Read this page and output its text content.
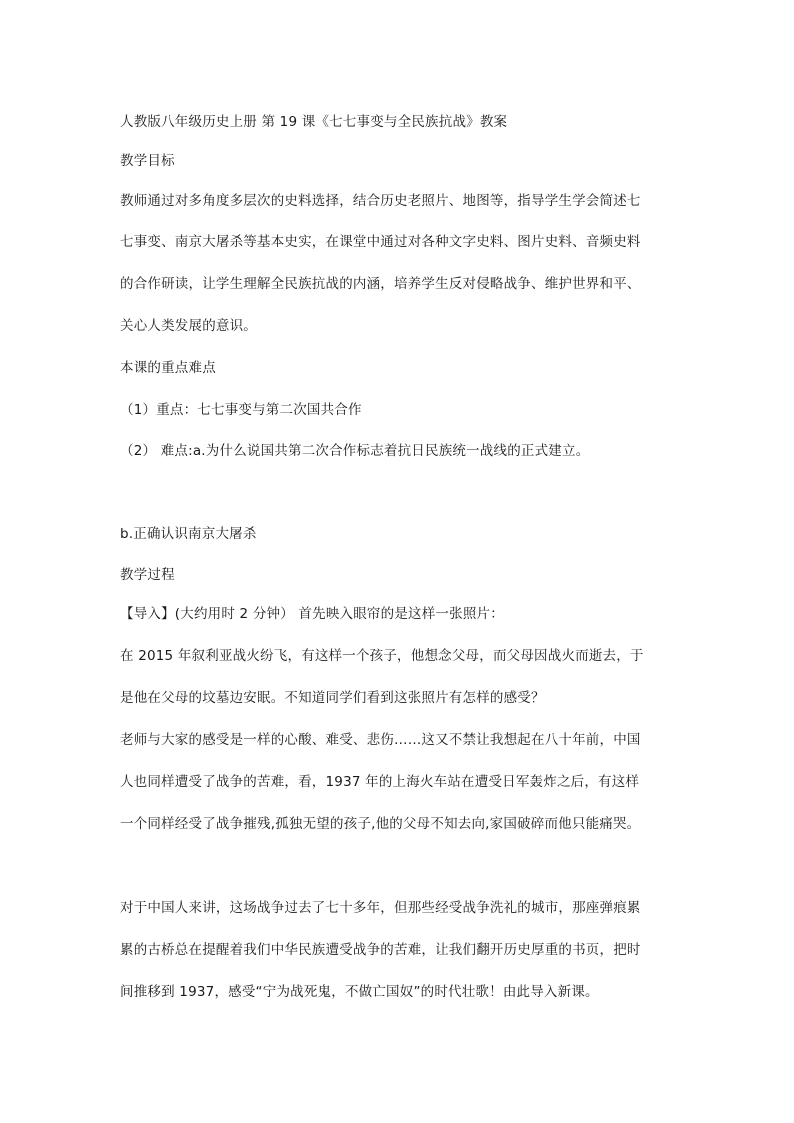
人教版八年级历史上册 第 19 课《七七事变与全民族抗战》教案
教学目标
教师通过对多角度多层次的史料选择，结合历史老照片、地图等，指导学生学会简述七
七事变、南京大屠杀等基本史实，在课堂中通过对各种文字史料、图片史料、音频史料
的合作研读，让学生理解全民族抗战的内涵，培养学生反对侵略战争、维护世界和平、
关心人类发展的意识。
本课的重点难点
（1）重点：七七事变与第二次国共合作
（2） 难点:a.为什么说国共第二次合作标志着抗日民族统一战线的正式建立。
b.正确认识南京大屠杀
教学过程
【导入】(大约用时 2 分钟） 首先映入眼帘的是这样一张照片：
在 2015 年叙利亚战火纷飞，有这样一个孩子，他想念父母，而父母因战火而逝去，于
是他在父母的坟墓边安眠。不知道同学们看到这张照片有怎样的感受？
老师与大家的感受是一样的心酸、难受、悲伤……这又不禁让我想起在八十年前，中国
人也同样遭受了战争的苦难，看，1937 年的上海火车站在遭受日军轰炸之后，有这样
一个同样经受了战争摧残,孤独无望的孩子,他的父母不知去向,家国破碎而他只能痛哭。
对于中国人来讲，这场战争过去了七十多年，但那些经受战争洗礼的城市，那座弹痕累
累的古桥总在提醒着我们中华民族遭受战争的苦难，让我们翻开历史厚重的书页，把时
间推移到 1937，感受“宁为战死鬼，不做亡国奴”的时代壮歌！由此导入新课。
